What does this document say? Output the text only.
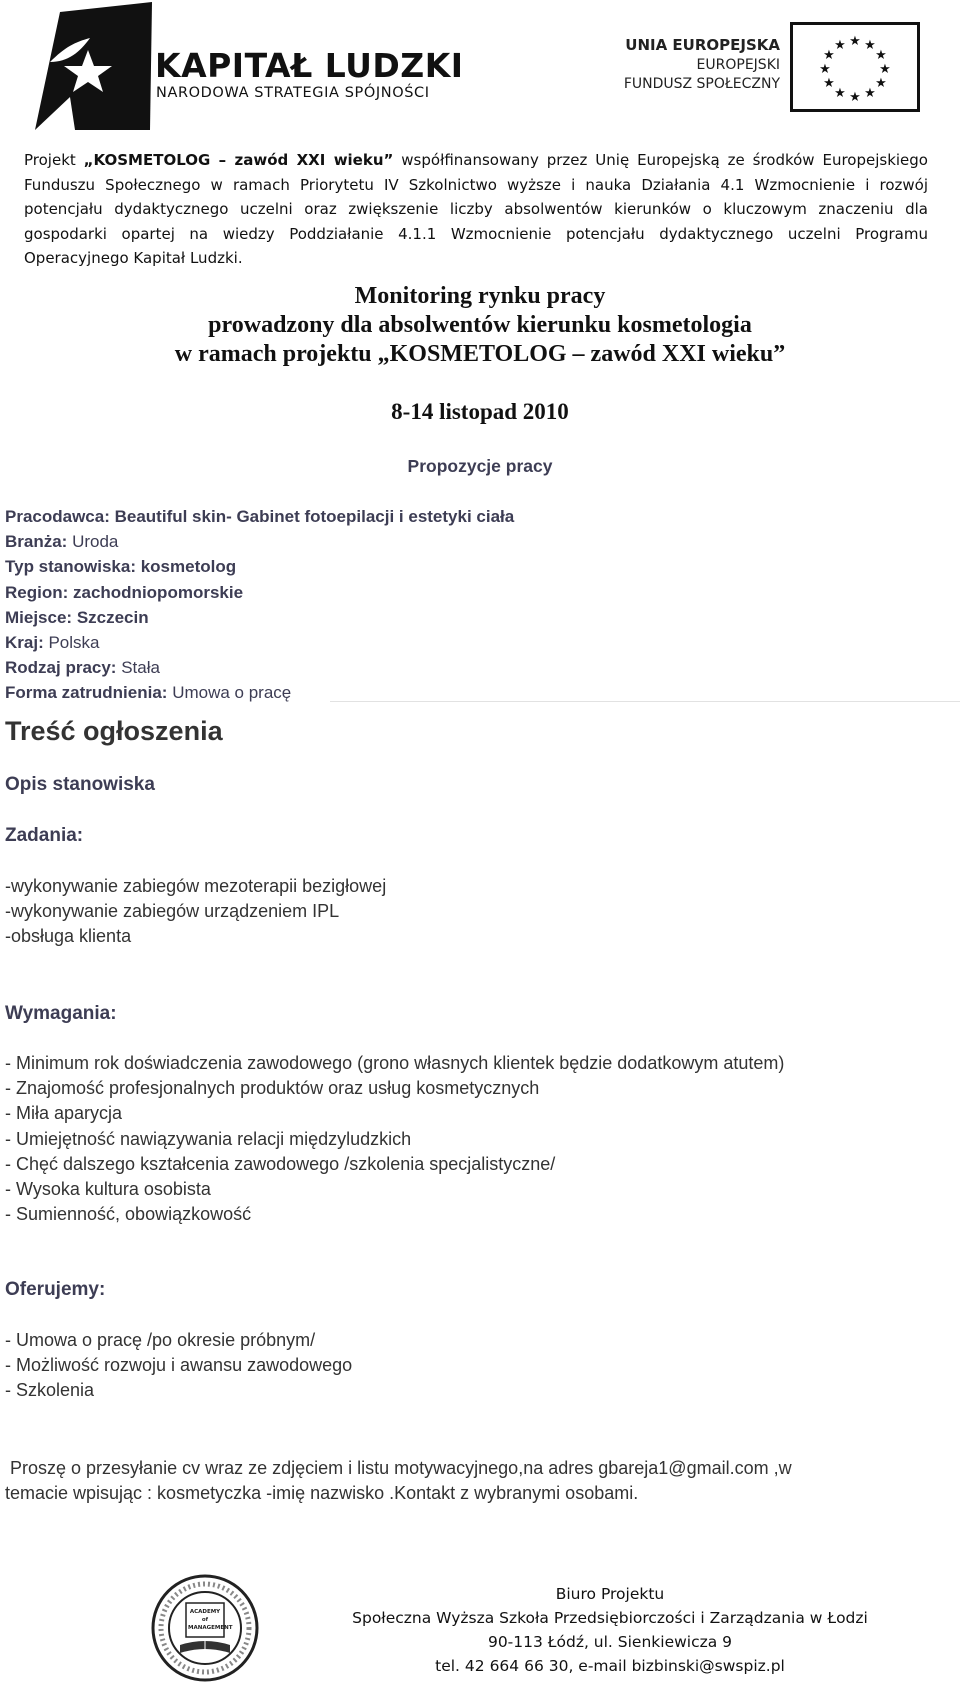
KAPITAŁ LUDZKI
NARODOWA STRATEGIA SPÓJNOŚCI
UNIA EUROPEJSKA
EUROPEJSKI
FUNDUSZ SPOŁECZNY
★ ★
★
★
★
★
★
★
★
★
★
★
Projekt „KOSMETOLOG – zawód XXI wieku” współfinansowany przez Unię Europejską ze środków Europejskiego Funduszu Społecznego w ramach Priorytetu IV Szkolnictwo wyższe i nauka Działania 4.1 Wzmocnienie i rozwój potencjału dydaktycznego uczelni oraz zwiększenie liczby absolwentów kierunków o kluczowym znaczeniu dla gospodarki opartej na wiedzy Poddziałanie 4.1.1 Wzmocnienie potencjału dydaktycznego uczelni Programu Operacyjnego Kapitał Ludzki.
Monitoring rynku pracy
prowadzony dla absolwentów kierunku kosmetologia
w ramach projektu „KOSMETOLOG – zawód XXI wieku”
8-14 listopad 2010
Propozycje pracy
Pracodawca: Beautiful skin- Gabinet fotoepilacji i estetyki ciała
Branża: Uroda
Typ stanowiska: kosmetolog
Region: zachodniopomorskie
Miejsce: Szczecin
Kraj: Polska
Rodzaj pracy: Stała
Forma zatrudnienia: Umowa o pracę
Treść ogłoszenia
Opis stanowiska
Zadania:
-wykonywanie zabiegów mezoterapii bezigłowej
-wykonywanie zabiegów urządzeniem IPL
-obsługa klienta
Wymagania:
- Minimum rok doświadczenia zawodowego (grono własnych klientek będzie dodatkowym atutem)
- Znajomość profesjonalnych produktów oraz usług kosmetycznych
- Miła aparycja
- Umiejętność nawiązywania relacji międzyludzkich
- Chęć dalszego kształcenia zawodowego /szkolenia specjalistyczne/
- Wysoka kultura osobista
- Sumienność, obowiązkowość
Oferujemy:
- Umowa o pracę /po okresie próbnym/
- Możliwość rozwoju i awansu zawodowego
- Szkolenia
Proszę o przesyłanie cv wraz ze zdjęciem i listu motywacyjnego,na adres gbareja1@gmail.com ,w
temacie wpisując : kosmetyczka -imię nazwisko .Kontakt z wybranymi osobami.
ACADEMY of MANAGEMENT
Biuro Projektu
Społeczna Wyższa Szkoła Przedsiębiorczości i Zarządzania w Łodzi
90-113 Łódź, ul. Sienkiewicza 9
tel. 42 664 66 30, e-mail bizbinski@swspiz.pl
